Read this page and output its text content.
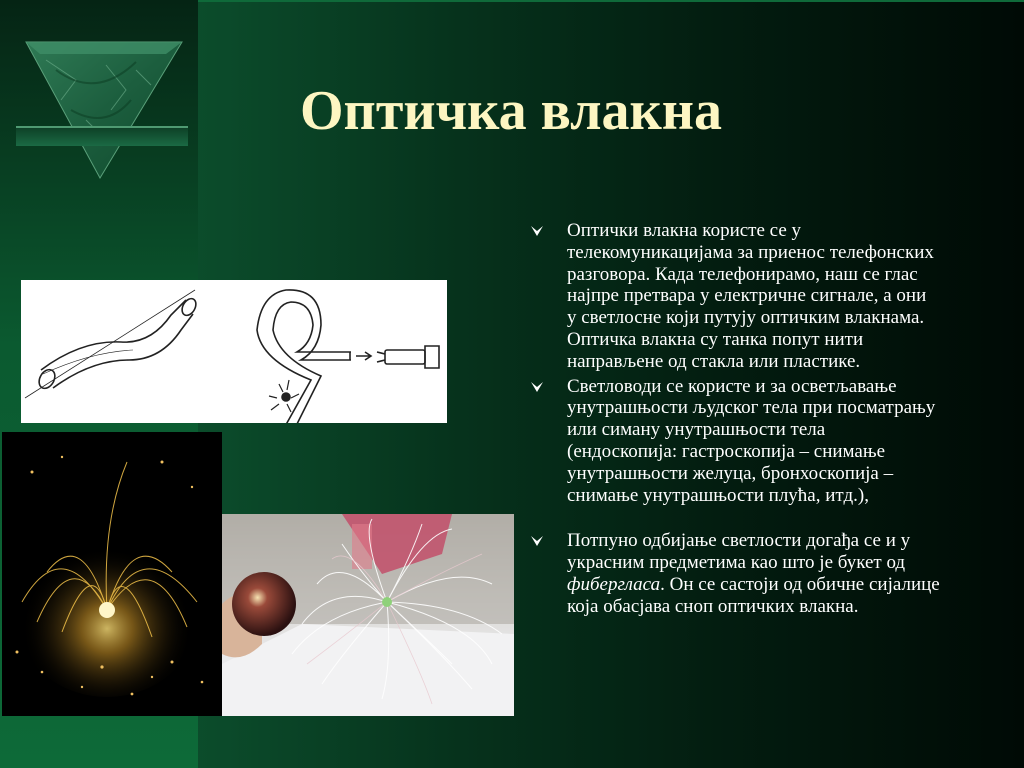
Оптичка влакна
Оптички влакна користе се у телекомуникацијама за приенос телефонских разговора. Када телефонирамо, наш се глас најпре претвара у електричне сигнале, а они у светлосне који путују оптичким влакнама. Оптичка влакна су танка попут нити направљене од стакла или пластике.
Светловоди се користе и за осветљавање унутрашњости људског тела при посматрању или симану унутрашњости тела (ендоскопија: гастроскопија – снимање унутрашњости желуца, бронхоскопија – снимање унутрашњости плућа, итд.),
Потпуно одбијање светлости догађа се и у украсним предметима као што је букет од фибергласа. Он се састоји од обичне сијалице која обасјава сноп оптичких влакна.
